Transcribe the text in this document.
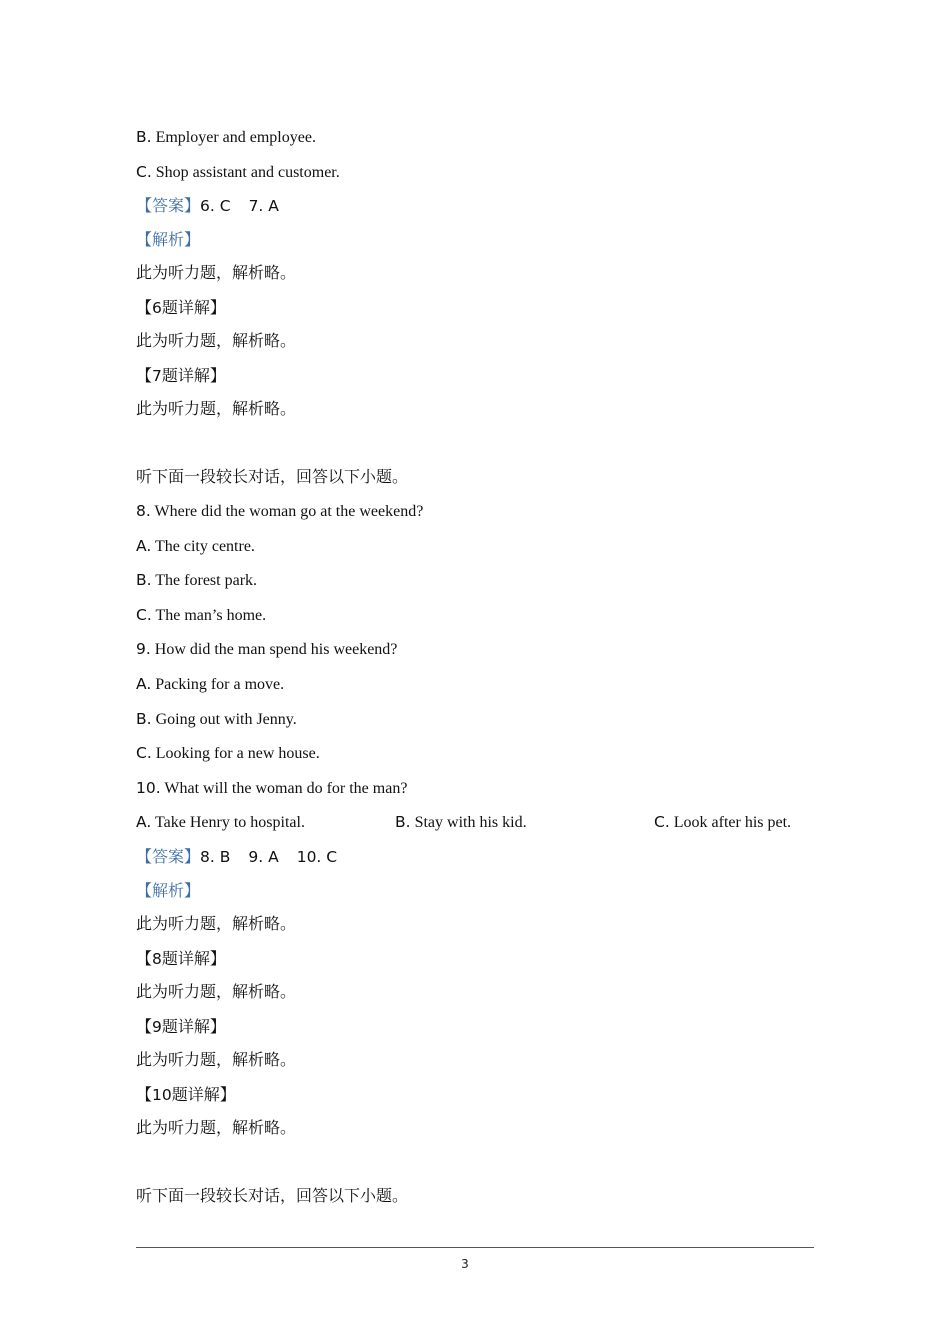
B. Employer and employee.
C. Shop assistant and customer.
【答案】6. C 7. A
【解析】
此为听力题，解析略。
【6题详解】
此为听力题，解析略。
【7题详解】
此为听力题，解析略。
听下面一段较长对话，回答以下小题。
8. Where did the woman go at the weekend?
A. The city centre.
B. The forest park.
C. The man’s home.
9. How did the man spend his weekend?
A. Packing for a move.
B. Going out with Jenny.
C. Looking for a new house.
10. What will the woman do for the man?
A. Take Henry to hospital.	B. Stay with his kid.	C. Look after his pet.
【答案】8. B 9. A 10. C
【解析】
此为听力题，解析略。
【8题详解】
此为听力题，解析略。
【9题详解】
此为听力题，解析略。
【10题详解】
此为听力题，解析略。
听下面一段较长对话，回答以下小题。
3
